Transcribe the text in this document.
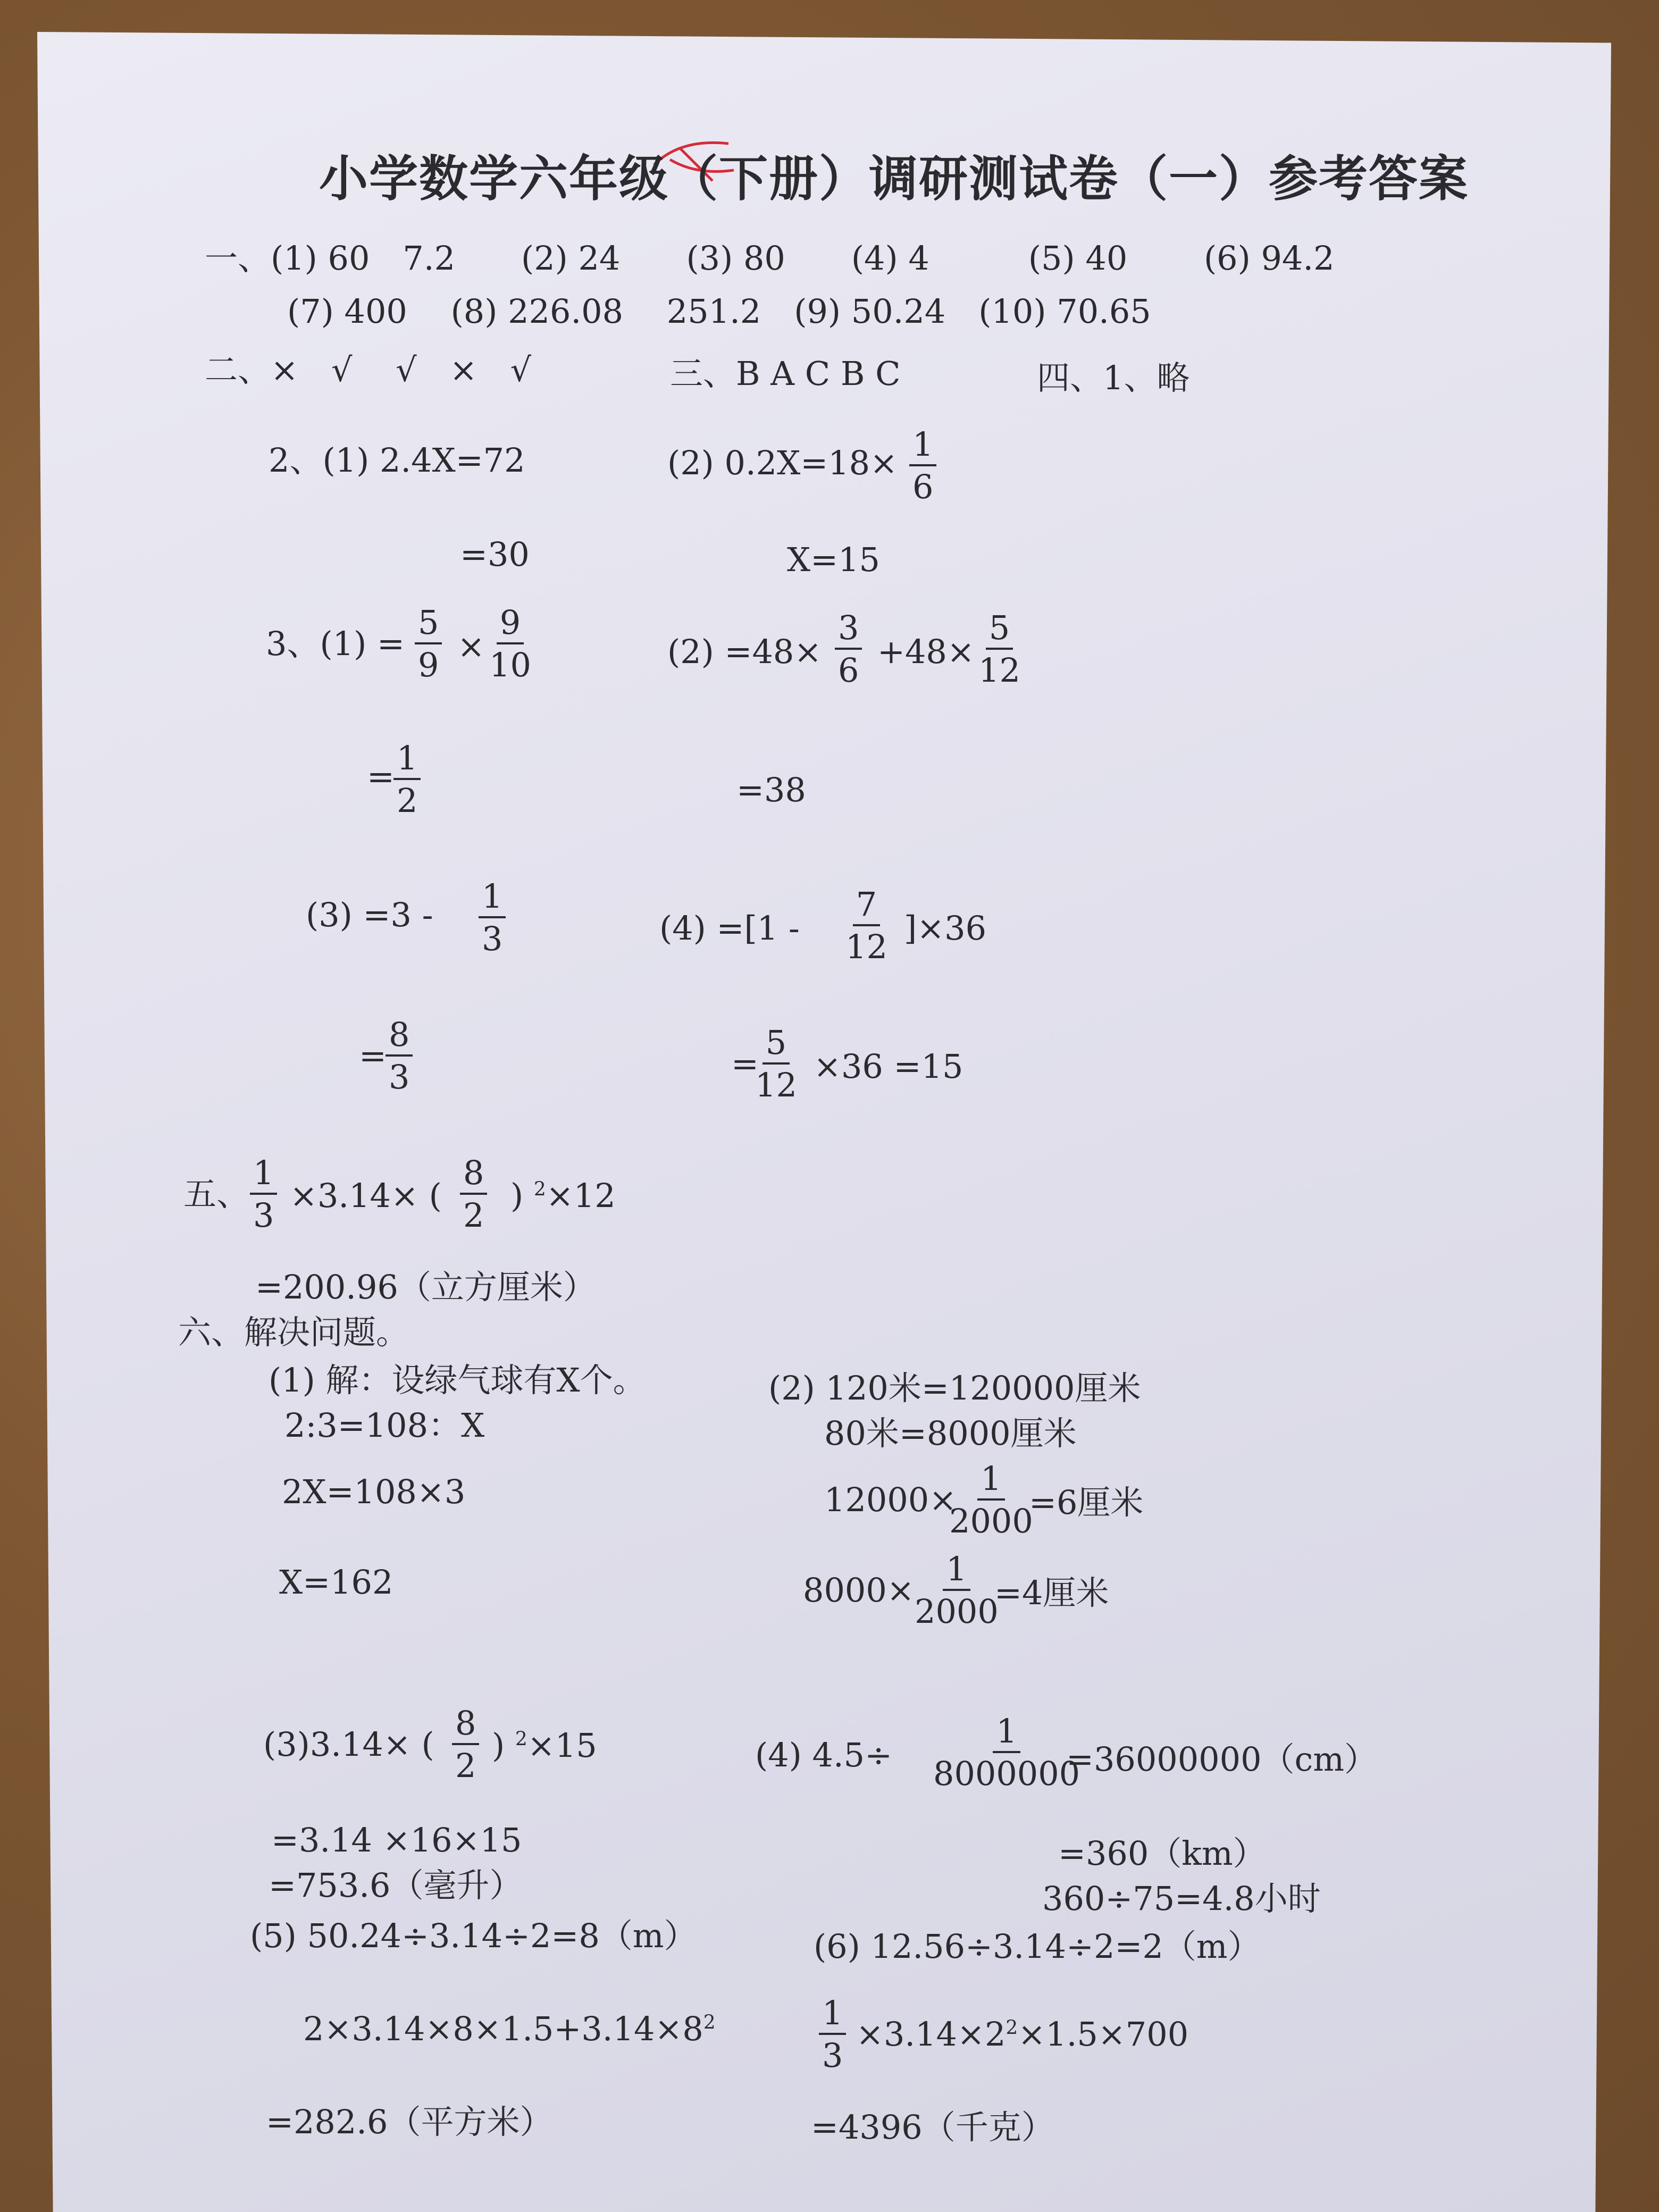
小学数学六年级（下册）调研测试卷（一）参考答案
一、(1) 60　7.2　　(2) 24　　(3) 80　　(4) 4　　　(5) 40　　 (6) 94.2
(7) 400　 (8) 226.08　 251.2　(9) 50.24　(10) 70.65
二、×　√　 √　×　√	三、B A C B C	四、1、略
2、(1) 2.4X=72
=30
(2) $0.2X=18\times \frac{1}{6}$
X=15
3、$(1) = \frac{5}{9} \times \frac{9}{10}$
=
$\frac{1}{2}$
$(2) =48\times \frac{3}{6} +48\times \frac{5}{12}$
=38
$(3) =3 - \frac{1}{3}$
=
$\frac{8}{3}$
$(4) =[1 - \frac{7}{12} ]\times 36$
=
$\frac{5}{12} \times 36 =15$
五、 $\frac{1}{3} \times 3.14\times$ ( $\frac{8}{2}$ ) $^2$×12
=200.96（立方厘米）
六、解决问题。
(1) 解：设绿气球有X个。
2:3=108：X
2X=108×3
X=162
(2) 120米=120000厘米
80米=8000厘米
12000×
$\frac{1}{2000}$
=6厘米
$8000\times \frac{1}{2000}$
=4厘米
(3)3.14× ( $\frac{8}{2}$ ) $^2$×15
=3.14 ×16×15
=753.6（毫升）
(4) $4.5\div \frac{1}{8000000}$
=36000000（cm）
=360（km）
360÷75=4.8小时
(5) 50.24÷3.14÷2=8（m）
$2\times 3.14\times 8\times 1.5+3.14\times 8^2$
=282.6（平方米）
(6) 12.56÷3.14÷2=2（m）
$\frac{1}{3} \times 3.14\times 2^2\times 1.5\times 700$
=4396（千克）
